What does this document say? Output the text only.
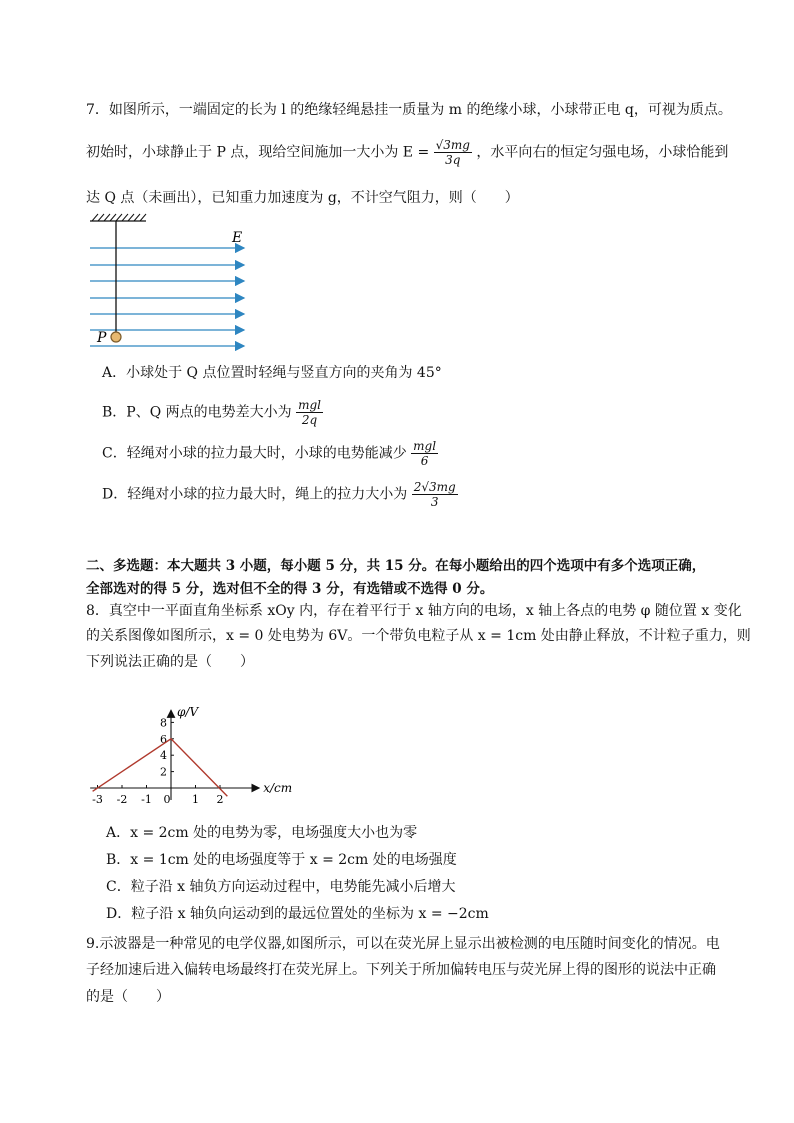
7．如图所示，一端固定的长为 l 的绝缘轻绳悬挂一质量为 m 的绝缘小球，小球带正电 q，可视为质点。
初始时，小球静止于 P 点，现给空间施加一大小为 $E = \frac{√3mg}{3q}$ ，水平向右的恒定匀强电场，小球恰能到
达 Q 点（未画出），已知重力加速度为 g，不计空气阻力，则（　　）
E
P
A．小球处于 Q 点位置时轻绳与竖直方向的夹角为 45°
B．P、Q 两点的电势差大小为 $\frac{\text{mgl}}{2q}$
C．轻绳对小球的拉力最大时，小球的电势能减少 $\frac{\text{mgl}}{6}$
D．轻绳对小球的拉力最大时，绳上的拉力大小为 $\frac{2√3mg}{3}$
二、多选题：本大题共 3 小题，每小题 5 分，共 15 分。在每小题给出的四个选项中有多个选项正确，
全部选对的得 5 分，选对但不全的得 3 分，有选错或不选得 0 分。
8．真空中一平面直角坐标系 xOy 内，存在着平行于 x 轴方向的电场，x 轴上各点的电势 φ 随位置 x 变化
的关系图像如图所示，x = 0 处电势为 6V。一个带负电粒子从 x = 1cm 处由静止释放，不计粒子重力，则
下列说法正确的是（　　）
x/cm
φ/V
-3 -2 -1 0 1 2
2
4
6
8
A．x = 2cm 处的电势为零，电场强度大小也为零
B．x = 1cm 处的电场强度等于 x = 2cm 处的电场强度
C．粒子沿 x 轴负方向运动过程中，电势能先减小后增大
D．粒子沿 x 轴负向运动到的最远位置处的坐标为 x = −2cm
9.示波器是一种常见的电学仪器,如图所示，可以在荧光屏上显示出被检测的电压随时间变化的情况。电
子经加速后进入偏转电场最终打在荧光屏上。下列关于所加偏转电压与荧光屏上得的图形的说法中正确
的是（　　）
